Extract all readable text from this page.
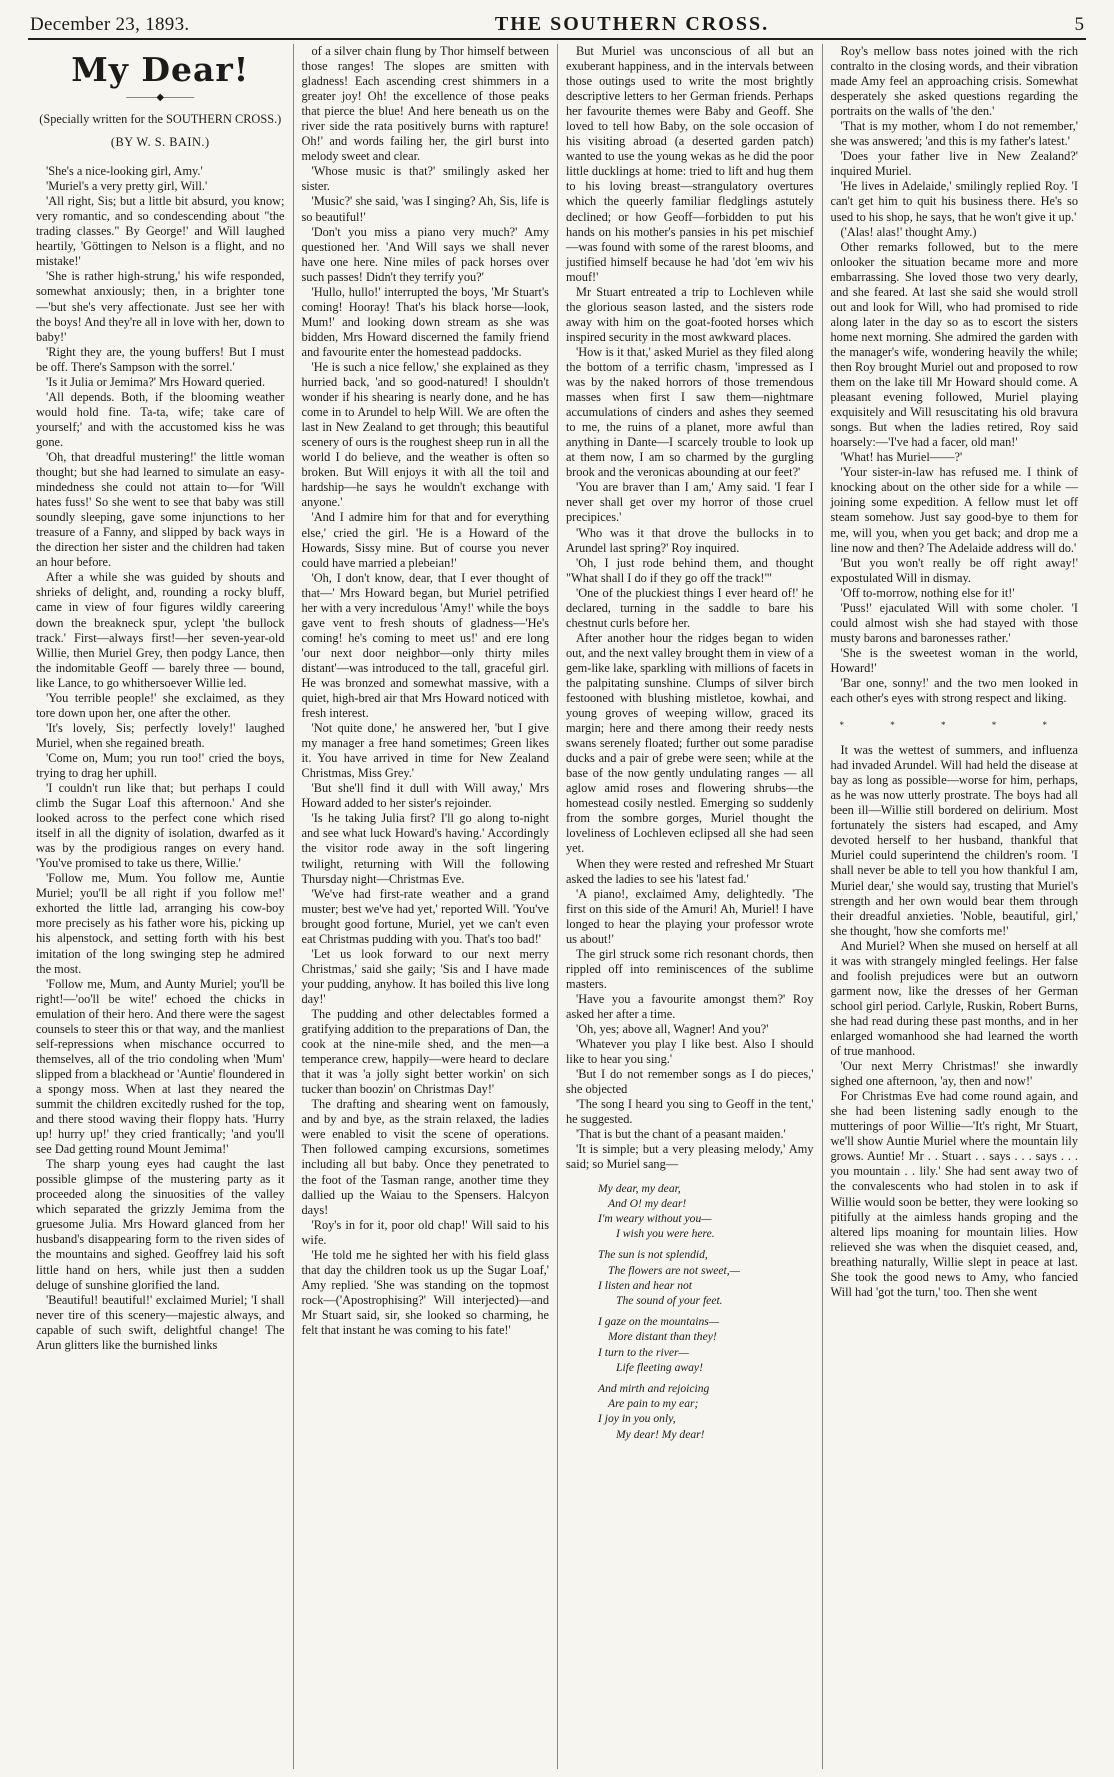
December 23, 1893.	THE SOUTHERN CROSS.	5
My Dear!
———◆———

(Specially written for the SOUTHERN CROSS.)

(BY W. S. BAIN.)

'She's a nice-looking girl, Amy.'

'Muriel's a very pretty girl, Will.'

'All right, Sis; but a little bit absurd, you know; very romantic, and so condescending about "the trading classes." By George!' and Will laughed heartily, 'Göttingen to Nelson is a flight, and no mistake!'

'She is rather high-strung,' his wife responded, somewhat anxiously; then, in a brighter tone—'but she's very affectionate. Just see her with the boys! And they're all in love with her, down to baby!'

'Right they are, the young buffers! But I must be off. There's Sampson with the sorrel.'

'Is it Julia or Jemima?' Mrs Howard queried.

'All depends. Both, if the blooming weather would hold fine. Ta-ta, wife; take care of yourself;' and with the accustomed kiss he was gone.

'Oh, that dreadful mustering!' the little woman thought; but she had learned to simulate an easy-mindedness she could not attain to—for 'Will hates fuss!' So she went to see that baby was still soundly sleeping, gave some injunctions to her treasure of a Fanny, and slipped by back ways in the direction her sister and the children had taken an hour before.

After a while she was guided by shouts and shrieks of delight, and, rounding a rocky bluff, came in view of four figures wildly careering down the breakneck spur, yclept 'the bullock track.' First—always first!—her seven-year-old Willie, then Muriel Grey, then podgy Lance, then the indomitable Geoff — barely three — bound, like Lance, to go whithersoever Willie led.

'You terrible people!' she exclaimed, as they tore down upon her, one after the other.

'It's lovely, Sis; perfectly lovely!' laughed Muriel, when she regained breath.

'Come on, Mum; you run too!' cried the boys, trying to drag her uphill.

'I couldn't run like that; but perhaps I could climb the Sugar Loaf this afternoon.' And she looked across to the perfect cone which rised itself in all the dignity of isolation, dwarfed as it was by the prodigious ranges on every hand. 'You've promised to take us there, Willie.'

'Follow me, Mum. You follow me, Auntie Muriel; you'll be all right if you follow me!' exhorted the little lad, arranging his cow-boy more precisely as his father wore his, picking up his alpenstock, and setting forth with his best imitation of the long swinging step he admired the most.

'Follow me, Mum, and Aunty Muriel; you'll be right!—'oo'll be wite!' echoed the chicks in emulation of their hero. And there were the sagest counsels to steer this or that way, and the manliest self-repressions when mischance occurred to themselves, all of the trio condoling when 'Mum' slipped from a blackhead or 'Auntie' floundered in a spongy moss. When at last they neared the summit the children excitedly rushed for the top, and there stood waving their floppy hats. 'Hurry up! hurry up!' they cried frantically; 'and you'll see Dad getting round Mount Jemima!'

The sharp young eyes had caught the last possible glimpse of the mustering party as it proceeded along the sinuosities of the valley which separated the grizzly Jemima from the gruesome Julia. Mrs Howard glanced from her husband's disappearing form to the riven sides of the mountains and sighed. Geoffrey laid his soft little hand on hers, while just then a sudden deluge of sunshine glorified the land.

'Beautiful! beautiful!' exclaimed Muriel; 'I shall never tire of this scenery—majestic always, and capable of such swift, delightful change! The Arun glitters like the burnished links

of a silver chain flung by Thor himself between those ranges! The slopes are smitten with gladness! Each ascending crest shimmers in a greater joy! Oh! the excellence of those peaks that pierce the blue! And here beneath us on the river side the rata positively burns with rapture! Oh!' and words failing her, the girl burst into melody sweet and clear.

'Whose music is that?' smilingly asked her sister.

'Music?' she said, 'was I singing? Ah, Sis, life is so beautiful!'

'Don't you miss a piano very much?' Amy questioned her. 'And Will says we shall never have one here. Nine miles of pack horses over such passes! Didn't they terrify you?'

'Hullo, hullo!' interrupted the boys, 'Mr Stuart's coming! Hooray! That's his black horse—look, Mum!' and looking down stream as she was bidden, Mrs Howard discerned the family friend and favourite enter the homestead paddocks.

'He is such a nice fellow,' she explained as they hurried back, 'and so good-natured! I shouldn't wonder if his shearing is nearly done, and he has come in to Arundel to help Will. We are often the last in New Zealand to get through; this beautiful scenery of ours is the roughest sheep run in all the world I do believe, and the weather is often so broken. But Will enjoys it with all the toil and hardship—he says he wouldn't exchange with anyone.'

'And I admire him for that and for everything else,' cried the girl. 'He is a Howard of the Howards, Sissy mine. But of course you never could have married a plebeian!'

'Oh, I don't know, dear, that I ever thought of that—' Mrs Howard began, but Muriel petrified her with a very incredulous 'Amy!' while the boys gave vent to fresh shouts of gladness—'He's coming! he's coming to meet us!' and ere long 'our next door neighbor—only thirty miles distant'—was introduced to the tall, graceful girl. He was bronzed and somewhat massive, with a quiet, high-bred air that Mrs Howard noticed with fresh interest.

'Not quite done,' he answered her, 'but I give my manager a free hand sometimes; Green likes it. You have arrived in time for New Zealand Christmas, Miss Grey.'

'But she'll find it dull with Will away,' Mrs Howard added to her sister's rejoinder.

'Is he taking Julia first? I'll go along to-night and see what luck Howard's having.' Accordingly the visitor rode away in the soft lingering twilight, returning with Will the following Thursday night—Christmas Eve.

'We've had first-rate weather and a grand muster; best we've had yet,' reported Will. 'You've brought good fortune, Muriel, yet we can't even eat Christmas pudding with you. That's too bad!'

'Let us look forward to our next merry Christmas,' said she gaily; 'Sis and I have made your pudding, anyhow. It has boiled this live long day!'

The pudding and other delectables formed a gratifying addition to the preparations of Dan, the cook at the nine-mile shed, and the men—a temperance crew, happily—were heard to declare that it was 'a jolly sight better workin' on sich tucker than boozin' on Christmas Day!'

The drafting and shearing went on famously, and by and bye, as the strain relaxed, the ladies were enabled to visit the scene of operations. Then followed camping excursions, sometimes including all but baby. Once they penetrated to the foot of the Tasman range, another time they dallied up the Waiau to the Spensers. Halcyon days!

'Roy's in for it, poor old chap!' Will said to his wife.

'He told me he sighted her with his field glass that day the children took us up the Sugar Loaf,' Amy replied. 'She was standing on the topmost rock—('Apostrophising?' Will interjected)—and Mr Stuart said, sir, she looked so charming, he felt that instant he was coming to his fate!'

But Muriel was unconscious of all but an exuberant happiness, and in the intervals between those outings used to write the most brightly descriptive letters to her German friends. Perhaps her favourite themes were Baby and Geoff. She loved to tell how Baby, on the sole occasion of his visiting abroad (a deserted garden patch) wanted to use the young wekas as he did the poor little ducklings at home: tried to lift and hug them to his loving breast—strangulatory overtures which the queerly familiar fledglings astutely declined; or how Geoff—forbidden to put his hands on his mother's pansies in his pet mischief—was found with some of the rarest blooms, and justified himself because he had 'dot 'em wiv his mouf!'

Mr Stuart entreated a trip to Lochleven while the glorious season lasted, and the sisters rode away with him on the goat-footed horses which inspired security in the most awkward places.

'How is it that,' asked Muriel as they filed along the bottom of a terrific chasm, 'impressed as I was by the naked horrors of those tremendous masses when first I saw them—nightmare accumulations of cinders and ashes they seemed to me, the ruins of a planet, more awful than anything in Dante—I scarcely trouble to look up at them now, I am so charmed by the gurgling brook and the veronicas abounding at our feet?'

'You are braver than I am,' Amy said. 'I fear I never shall get over my horror of those cruel precipices.'

'Who was it that drove the bullocks in to Arundel last spring?' Roy inquired.

'Oh, I just rode behind them, and thought "What shall I do if they go off the track!"'

'One of the pluckiest things I ever heard of!' he declared, turning in the saddle to bare his chestnut curls before her.

After another hour the ridges began to widen out, and the next valley brought them in view of a gem-like lake, sparkling with millions of facets in the palpitating sunshine. Clumps of silver birch festooned with blushing mistletoe, kowhai, and young groves of weeping willow, graced its margin; here and there among their reedy nests swans serenely floated; further out some paradise ducks and a pair of grebe were seen; while at the base of the now gently undulating ranges — all aglow amid roses and flowering shrubs—the homestead cosily nestled. Emerging so suddenly from the sombre gorges, Muriel thought the loveliness of Lochleven eclipsed all she had seen yet.

When they were rested and refreshed Mr Stuart asked the ladies to see his 'latest fad.'

'A piano!, exclaimed Amy, delightedly. 'The first on this side of the Amuri! Ah, Muriel! I have longed to hear the playing your professor wrote us about!'

The girl struck some rich resonant chords, then rippled off into reminiscences of the sublime masters.

'Have you a favourite amongst them?' Roy asked her after a time.

'Oh, yes; above all, Wagner! And you?'

'Whatever you play I like best. Also I should like to hear you sing.'

'But I do not remember songs as I do pieces,' she objected

'The song I heard you sing to Geoff in the tent,' he suggested.

'That is but the chant of a peasant maiden.'

'It is simple; but a very pleasing melody,' Amy said; so Muriel sang—

My dear, my dear,
And O! my dear!
I'm weary without you—
I wish you were here.
The sun is not splendid,
The flowers are not sweet,—
I listen and hear not
The sound of your feet.
I gaze on the mountains—
More distant than they!
I turn to the river—
Life fleeting away!
And mirth and rejoicing
Are pain to my ear;
I joy in you only,
My dear! My dear!

Roy's mellow bass notes joined with the rich contralto in the closing words, and their vibration made Amy feel an approaching crisis. Somewhat desperately she asked questions regarding the portraits on the walls of 'the den.'

'That is my mother, whom I do not remember,' she was answered; 'and this is my father's latest.'

'Does your father live in New Zealand?' inquired Muriel.

'He lives in Adelaide,' smilingly replied Roy. 'I can't get him to quit his business there. He's so used to his shop, he says, that he won't give it up.'

('Alas! alas!' thought Amy.)

Other remarks followed, but to the mere onlooker the situation became more and more embarrassing. She loved those two very dearly, and she feared. At last she said she would stroll out and look for Will, who had promised to ride along later in the day so as to escort the sisters home next morning. She admired the garden with the manager's wife, wondering heavily the while; then Roy brought Muriel out and proposed to row them on the lake till Mr Howard should come. A pleasant evening followed, Muriel playing exquisitely and Will resuscitating his old bravura songs. But when the ladies retired, Roy said hoarsely:—'I've had a facer, old man!'

'What! has Muriel——?'

'Your sister-in-law has refused me. I think of knocking about on the other side for a while — joining some expedition. A fellow must let off steam somehow. Just say good-bye to them for me, will you, when you get back; and drop me a line now and then? The Adelaide address will do.'

'But you won't really be off right away!' expostulated Will in dismay.

'Off to-morrow, nothing else for it!'

'Puss!' ejaculated Will with some choler. 'I could almost wish she had stayed with those musty barons and baronesses rather.'

'She is the sweetest woman in the world, Howard!'

'Bar one, sonny!' and the two men looked in each other's eyes with strong respect and liking.

* * * * *

It was the wettest of summers, and influenza had invaded Arundel. Will had held the disease at bay as long as possible—worse for him, perhaps, as he was now utterly prostrate. The boys had all been ill—Willie still bordered on delirium. Most fortunately the sisters had escaped, and Amy devoted herself to her husband, thankful that Muriel could superintend the children's room. 'I shall never be able to tell you how thankful I am, Muriel dear,' she would say, trusting that Muriel's strength and her own would bear them through their dreadful anxieties. 'Noble, beautiful, girl,' she thought, 'how she comforts me!'

And Muriel? When she mused on herself at all it was with strangely mingled feelings. Her false and foolish prejudices were but an outworn garment now, like the dresses of her German school girl period. Carlyle, Ruskin, Robert Burns, she had read during these past months, and in her enlarged womanhood she had learned the worth of true manhood.

'Our next Merry Christmas!' she inwardly sighed one afternoon, 'ay, then and now!'

For Christmas Eve had come round again, and she had been listening sadly enough to the mutterings of poor Willie—'It's right, Mr Stuart, we'll show Auntie Muriel where the mountain lily grows. Auntie! Mr . . Stuart . . says . . . says . . . you mountain . . lily.' She had sent away two of the convalescents who had stolen in to ask if Willie would soon be better, they were looking so pitifully at the aimless hands groping and the altered lips moaning for mountain lilies. How relieved she was when the disquiet ceased, and, breathing naturally, Willie slept in peace at last. She took the good news to Amy, who fancied Will had 'got the turn,' too. Then she went
